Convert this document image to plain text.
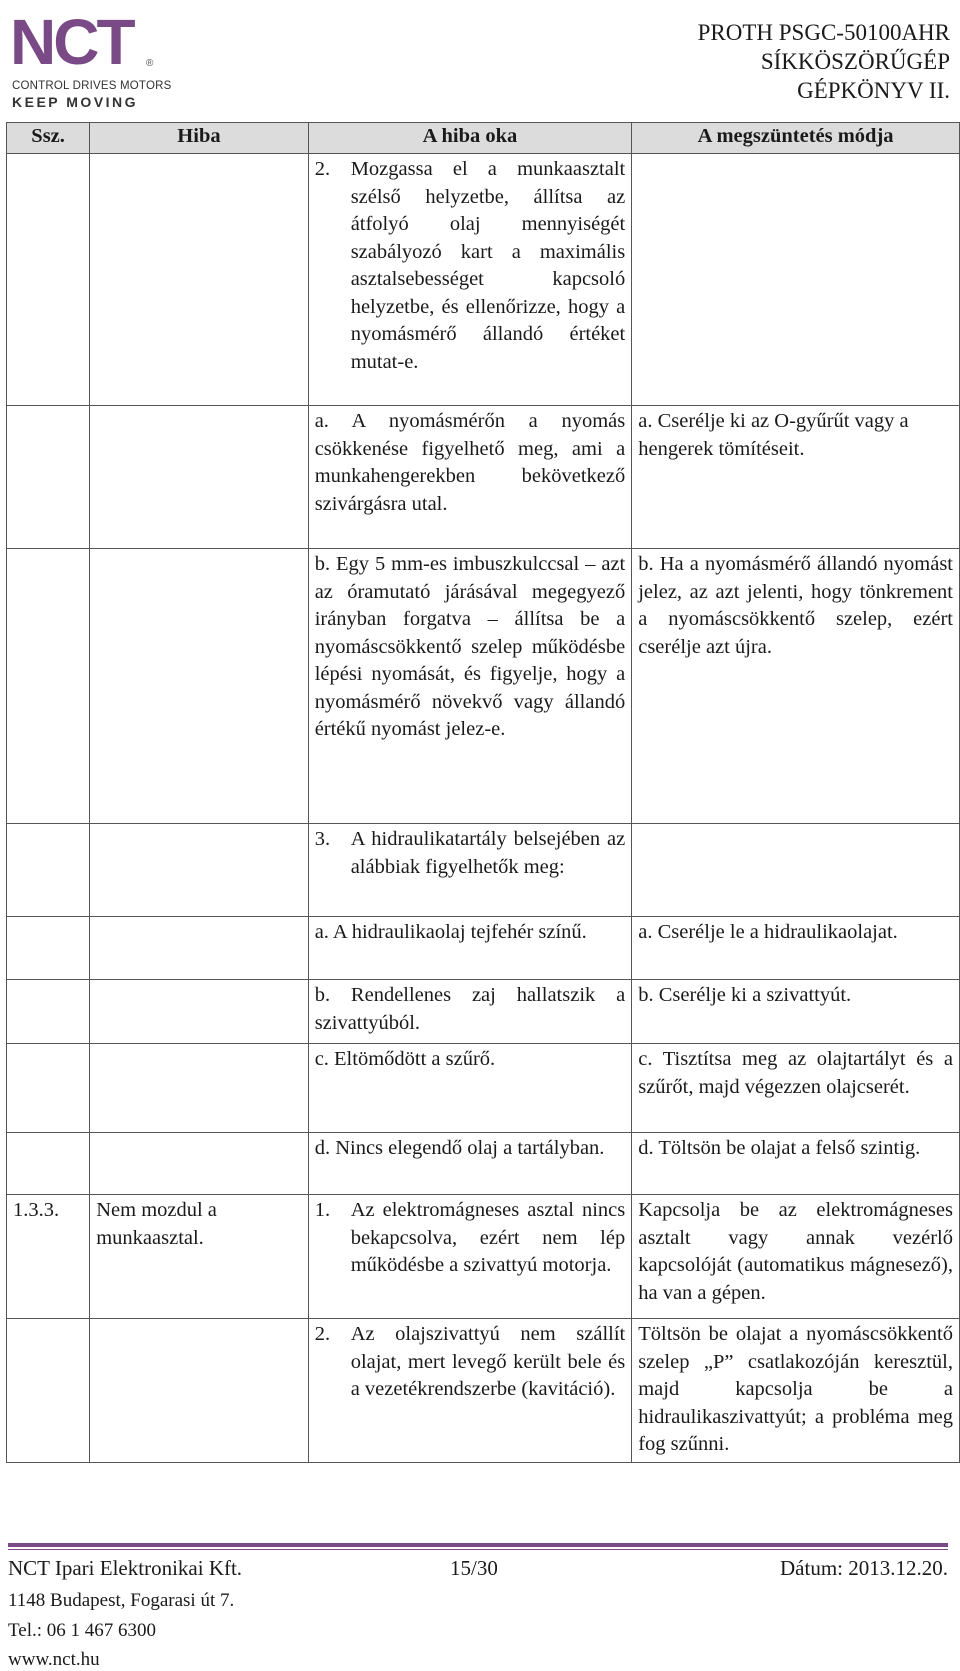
NCT ®
CONTROL DRIVES MOTORS
KEEP MOVING
PROTH PSGC-50100AHR
SÍKKÖSZÖRŰGÉP
GÉPKÖNYV II.
Ssz.	Hiba	A hiba oka	A megszüntetés módja

		2. Mozgassa el a munkaasztalt szélső helyzetbe, állítsa az átfolyó olaj mennyiségét szabályozó kart a maximális asztalsebességet kapcsoló helyzetbe, és ellenőrizze, hogy a nyomásmérő állandó értéket mutat-e.	

		a. A nyomásmérőn a nyomás csökkenése figyelhető meg, ami a munkahengerekben bekövetkező szivárgásra utal.	a. Cserélje ki az O-gyűrűt vagy a hengerek tömítéseit.
		b. Egy 5 mm-es imbuszkulccsal – azt az óramutató járásával megegyező irányban forgatva – állítsa be a nyomáscsökkentő szelep működésbe lépési nyomását, és figyelje, hogy a nyomásmérő növekvő vagy állandó értékű nyomást jelez-e.	b. Ha a nyomásmérő állandó nyomást jelez, az azt jelenti, hogy tönkrement a nyomáscsökkentő szelep, ezért cserélje azt újra.

		3. A hidraulikatartály belsejében az alábbiak figyelhetők meg:	

		a. A hidraulikaolaj tejfehér színű.	a. Cserélje le a hidraulikaolajat.
		b. Rendellenes zaj hallatszik a szivattyúból.	b. Cserélje ki a szivattyút.
		c. Eltömődött a szűrő.	c. Tisztítsa meg az olajtartályt és a szűrőt, majd végezzen olajcserét.
		d. Nincs elegendő olaj a tartályban.	d. Töltsön be olajat a felső szintig.
1.3.3.	Nem mozdul a munkaasztal.	1. Az elektromágneses asztal nincs bekapcsolva, ezért nem lép működésbe a szivattyú motorja.	Kapcsolja be az elektromágneses asztalt vagy annak vezérlő kapcsolóját (automatikus mágnesező), ha van a gépen.

		2. Az olajszivattyú nem szállít olajat, mert levegő került bele és a vezetékrendszerbe (kavitáció).	Töltsön be olajat a nyomáscsökkentő szelep „P” csatlakozóján keresztül, majd kapcsolja be a hidraulikaszivattyút; a probléma meg fog szűnni.
NCT Ipari Elektronikai Kft.	15/30	Dátum: 2013.12.20.
1148 Budapest, Fogarasi út 7.
Tel.: 06 1 467 6300
www.nct.hu
